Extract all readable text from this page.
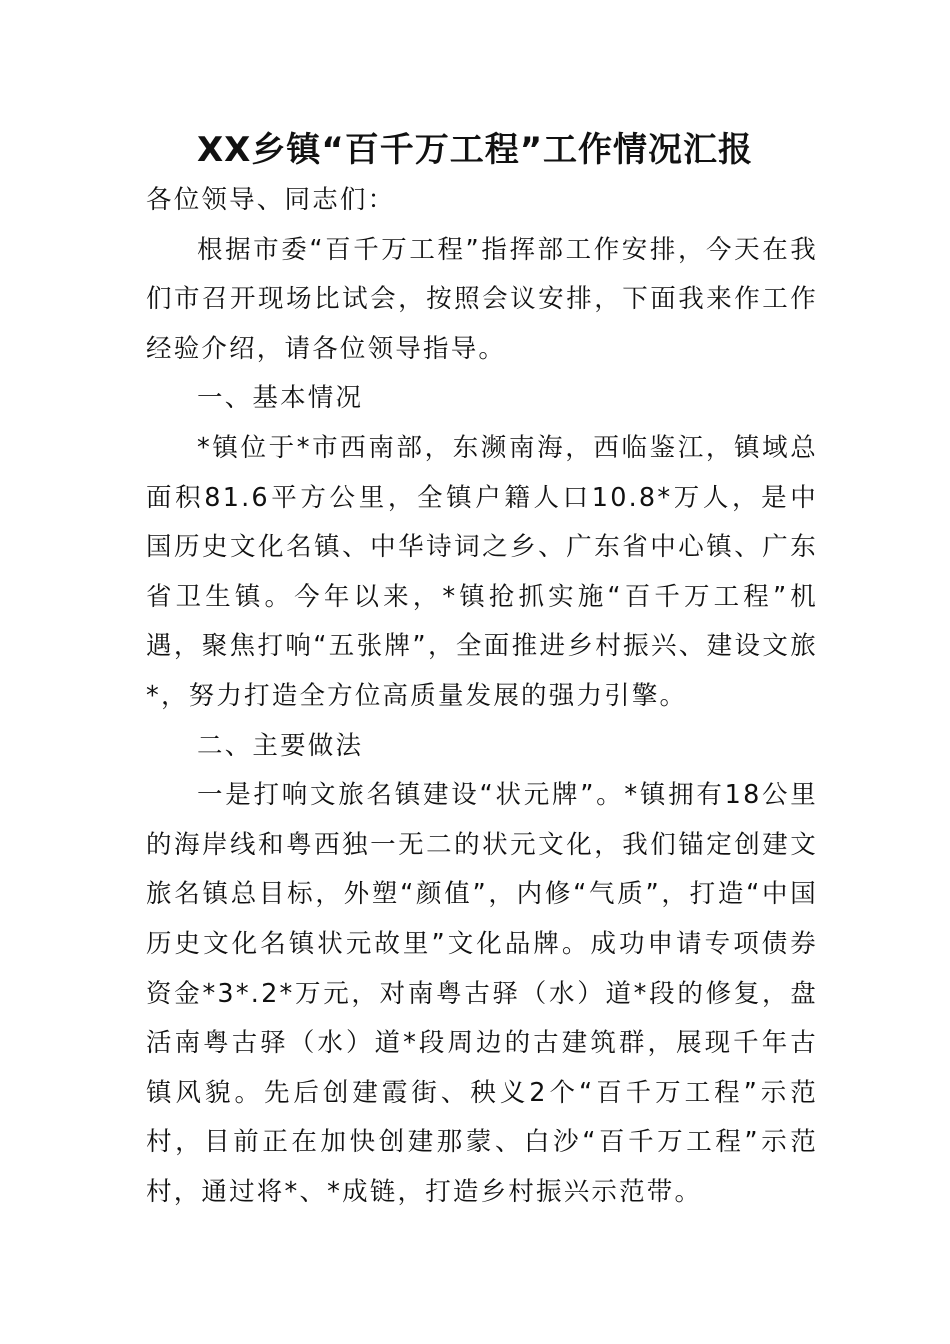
XX乡镇“百千万工程”工作情况汇报

各位领导、同志们：

根据市委“百千万工程”指挥部工作安排，今天在我们市召开现场比试会，按照会议安排，下面我来作工作经验介绍，请各位领导指导。

一、基本情况

*镇位于*市西南部，东濒南海，西临鉴江，镇域总面积81.6平方公里，全镇户籍人口10.8*万人，是中国历史文化名镇、中华诗词之乡、广东省中心镇、广东省卫生镇。今年以来，*镇抢抓实施“百千万工程”机遇，聚焦打响“五张牌”，全面推进乡村振兴、建设文旅*，努力打造全方位高质量发展的强力引擎。

二、主要做法

一是打响文旅名镇建设“状元牌”。*镇拥有18公里的海岸线和粤西独一无二的状元文化，我们锚定创建文旅名镇总目标，外塑“颜值”，内修“气质”，打造“中国历史文化名镇状元故里”文化品牌。成功申请专项债券资金*3*.2*万元，对南粤古驿（水）道*段的修复，盘活南粤古驿（水）道*段周边的古建筑群，展现千年古镇风貌。先后创建霞街、秧义2个“百千万工程”示范村，目前正在加快创建那蒙、白沙“百千万工程”示范村，通过将*、*成链，打造乡村振兴示范带。
